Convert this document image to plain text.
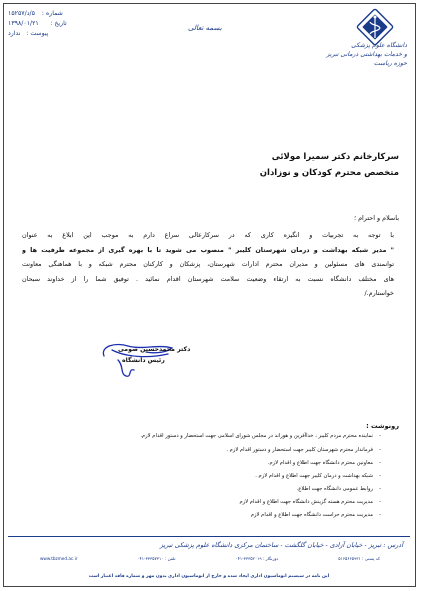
دانشگاه علوم پزشکی
و خدمات بهداشتی درمانی تبریز
حوزه ریاست
بسمه تعالی
شماره : ۵/د/۱۵۲۵۷
تاریخ : ۱۳۹۸/۰۱/۲۱
پیوست : ندارد
سرکارخانم دکتر سمیرا مولائی
متخصص محترم کودکان و نوزادان
باسلام و احترام ؛
با توجه به تجربیات و انگیزه کاری که در سرکارعالی سراغ دارم به موجب این ابلاغ به عنوان
" مدیر شبکه بهداشت و درمان شهرستان کلیبر " منصوب می شوید تا با بهره گیری از مجموعه ظرفیت ها و
توانمندی های مسئولین و مدیران محترم ادارات شهرستان، پزشکان و کارکنان محترم شبکه و با هماهنگی معاونت
های مختلف دانشگاه نسبت به ارتقاء وضعیت سلامت شهرستان اقدام نمائید . توفیق شما را از خداوند سبحان
خواستارم./
دکتر محمدحسین صومی
رئیس دانشگاه
رونوشت :
-
نماینده محترم مردم کلیبر ، خداآفرین و هوراند در مجلس شورای اسلامی جهت استحضار و دستور اقدام لازم.
-
فرماندار محترم شهرستان کلیبر جهت استحضار و دستور اقدام لازم .
-
معاونین محترم دانشگاه جهت اطلاع و اقدام لازم.
-
شبکه بهداشت و درمان کلیبر جهت اطلاع و اقدام لازم .
-
روابط عمومی دانشگاه جهت اطلاع.
-
مدیریت محترم هسته گزینش دانشگاه جهت اطلاع و اقدام لازم
-
مدیریت محترم حراست دانشگاه جهت اطلاع و اقدام لازم
آدرس : تبریز - خیابان آزادی - خیابان گلگشت - ساختمان مرکزی دانشگاه علوم پزشکی تبریز
www.tbzmed.ac.ir	تلفن : ۳۳۳۵۷۳۱۰-۰۴۱	دورنگار : ۳۳۳۵۲۰۱۹-۰۴۱	کد پستی : ۵۱۶۵۶۶۵۹۳۱
این نامه در سیستم اتوماسیون اداری ایجاد شده و خارج از اتوماسیون اداری بدون مهر و شماره فاقد اعتبار است
